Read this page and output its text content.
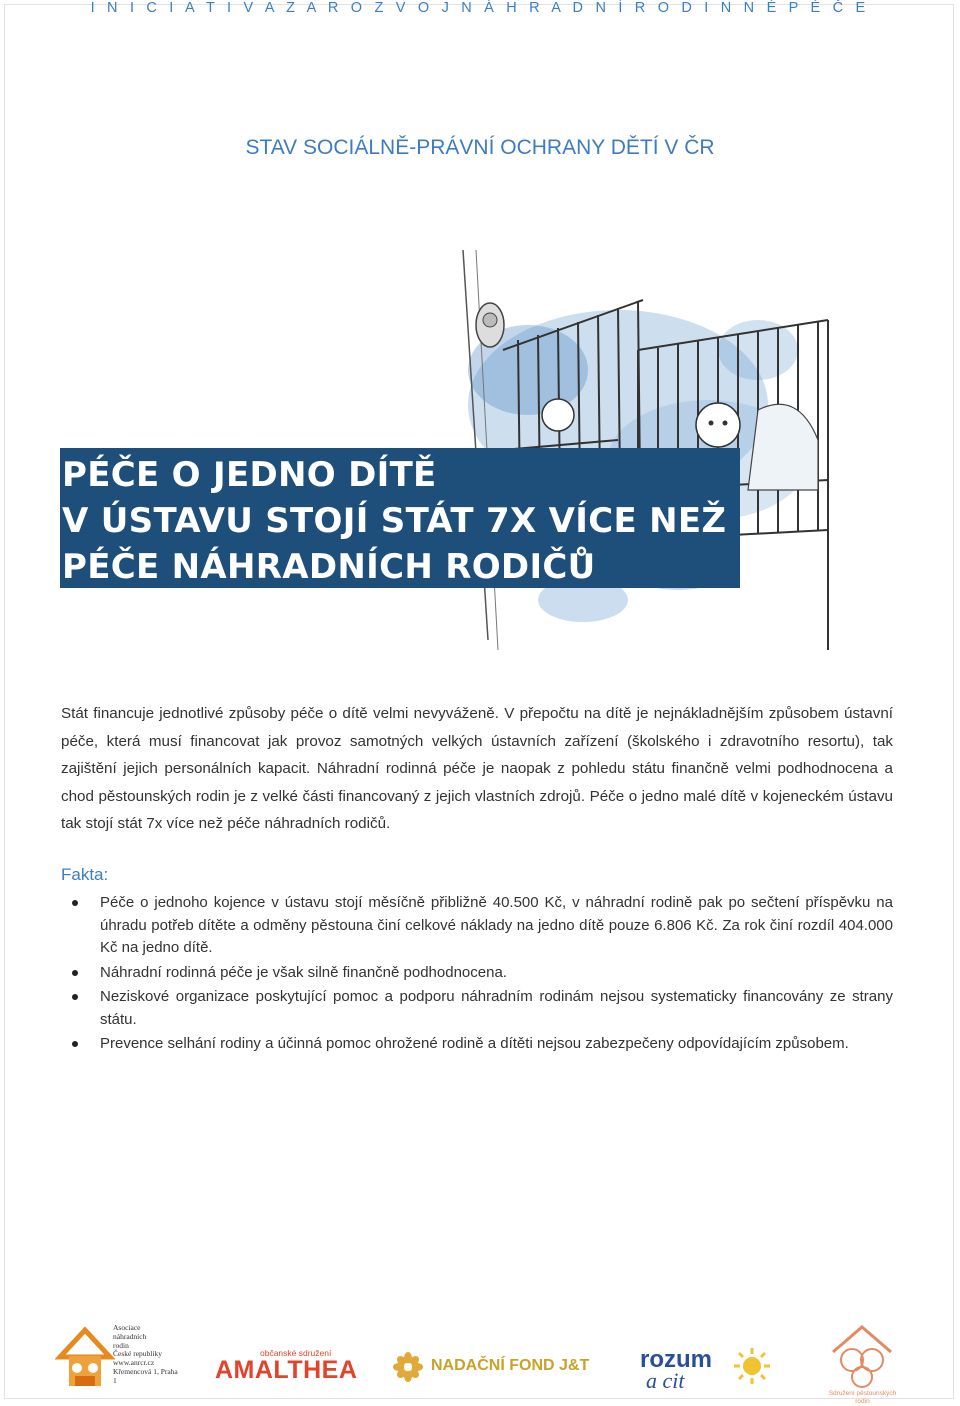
I N I C I A T I V A Z A R O Z V O J N Á H R A D N Í R O D I N N É P É Č E
STAV SOCIÁLNĚ-PRÁVNÍ OCHRANY DĚTÍ V ČR
PÉČE O JEDNO DÍTĚ
V ÚSTAVU STOJÍ STÁT 7X VÍCE NEŽ
PÉČE NÁHRADNÍCH RODIČŮ
Stát financuje jednotlivé způsoby péče o dítě velmi nevyváženě. V přepočtu na dítě je nejnákladnějším způsobem ústavní péče, která musí financovat jak provoz samotných velkých ústavních zařízení (školského i zdravotního resortu), tak zajištění jejich personálních kapacit. Náhradní rodinná péče je naopak z pohledu státu finančně velmi podhodnocena a chod pěstounských rodin je z velké části financovaný z jejich vlastních zdrojů. Péče o jedno malé dítě v kojeneckém ústavu tak stojí stát 7x více než péče náhradních rodičů.
Fakta:
Péče o jednoho kojence v ústavu stojí měsíčně přibližně 40.500 Kč, v náhradní rodině pak po sečtení příspěvku na úhradu potřeb dítěte a odměny pěstouna činí celkové náklady na jedno dítě pouze 6.806 Kč. Za rok činí rozdíl 404.000 Kč na jedno dítě.
Náhradní rodinná péče je však silně finančně podhodnocena.
Neziskové organizace poskytující pomoc a podporu náhradním rodinám nejsou systematicky financovány ze strany státu.
Prevence selhání rodiny a účinná pomoc ohrožené rodině a dítěti nejsou zabezpečeny odpovídajícím způsobem.
Asociace
náhradních
rodin
České republiky
www.anrcr.cz
Křemencová 1, Praha 1
občanské sdružení
AMALTHEA	NADAČNÍ FOND J&T rozum
a cit
Sdružení pěstounských rodin
